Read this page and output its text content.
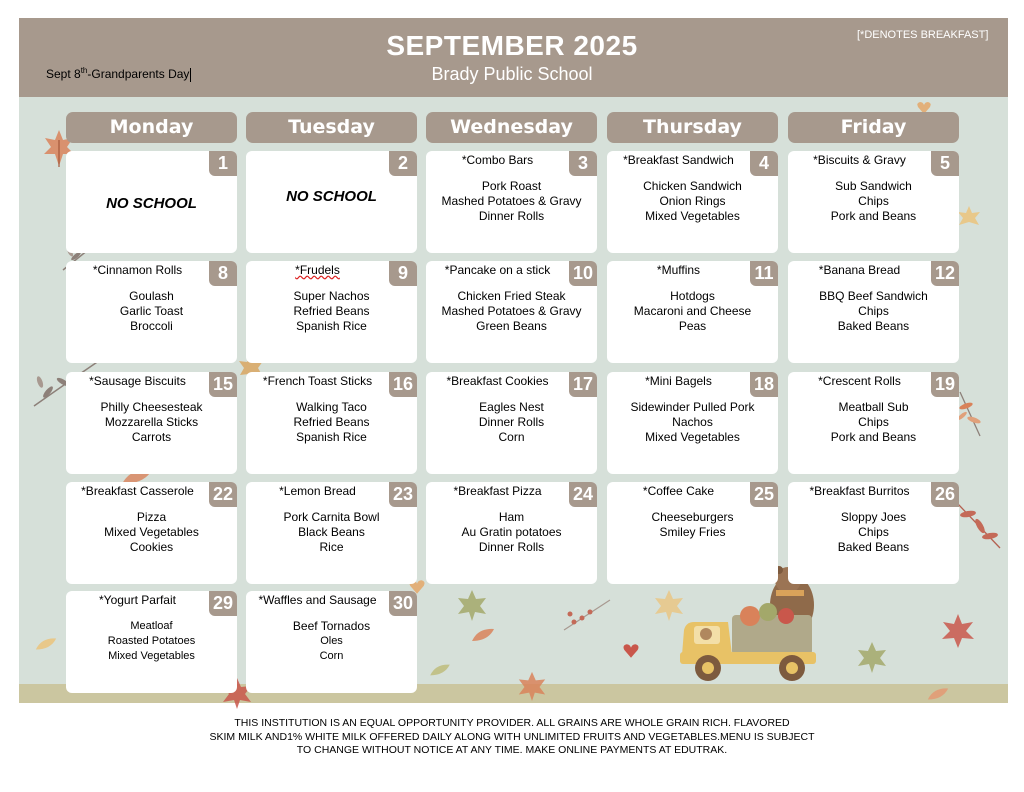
SEPTEMBER 2025
Brady Public School
[*DENOTES BREAKFAST]
Sept 8th-Grandparents Day
Monday	Tuesday	Wednesday	Thursday	Friday
1
NO SCHOOL
2
NO SCHOOL
3
*Combo Bars
Pork Roast
Mashed Potatoes & Gravy
Dinner Rolls
4
*Breakfast Sandwich
Chicken Sandwich
Onion Rings
Mixed Vegetables
5
*Biscuits & Gravy
Sub Sandwich
Chips
Pork and Beans
8
*Cinnamon Rolls
Goulash
Garlic Toast
Broccoli
9
*Frudels
Super Nachos
Refried Beans
Spanish Rice
10
*Pancake on a stick
Chicken Fried Steak
Mashed Potatoes & Gravy
Green Beans
11
*Muffins
Hotdogs
Macaroni and Cheese
Peas
12
*Banana Bread
BBQ Beef Sandwich
Chips
Baked Beans
15
*Sausage Biscuits
Philly Cheesesteak
Mozzarella Sticks
Carrots
16
*French Toast Sticks
Walking Taco
Refried Beans
Spanish Rice
17
*Breakfast Cookies
Eagles Nest
Dinner Rolls
Corn
18
*Mini Bagels
Sidewinder Pulled Pork
Nachos
Mixed Vegetables
19
*Crescent Rolls
Meatball Sub
Chips
Pork and Beans
22
*Breakfast Casserole
Pizza
Mixed Vegetables
Cookies
23
*Lemon Bread
Pork Carnita Bowl
Black Beans
Rice
24
*Breakfast Pizza
Ham
Au Gratin potatoes
Dinner Rolls
25
*Coffee Cake
Cheeseburgers
Smiley Fries
26
*Breakfast Burritos
Sloppy Joes
Chips
Baked Beans
29
*Yogurt Parfait
Meatloaf
Roasted Potatoes
Mixed Vegetables
30
*Waffles and Sausage
Beef Tornados
Oles
Corn
THIS INSTITUTION IS AN EQUAL OPPORTUNITY PROVIDER. ALL GRAINS ARE WHOLE GRAIN RICH. FLAVORED
SKIM MILK AND1% WHITE MILK OFFERED DAILY ALONG WITH UNLIMITED FRUITS AND VEGETABLES.MENU IS SUBJECT
TO CHANGE WITHOUT NOTICE AT ANY TIME. MAKE ONLINE PAYMENTS AT EDUTRAK.
